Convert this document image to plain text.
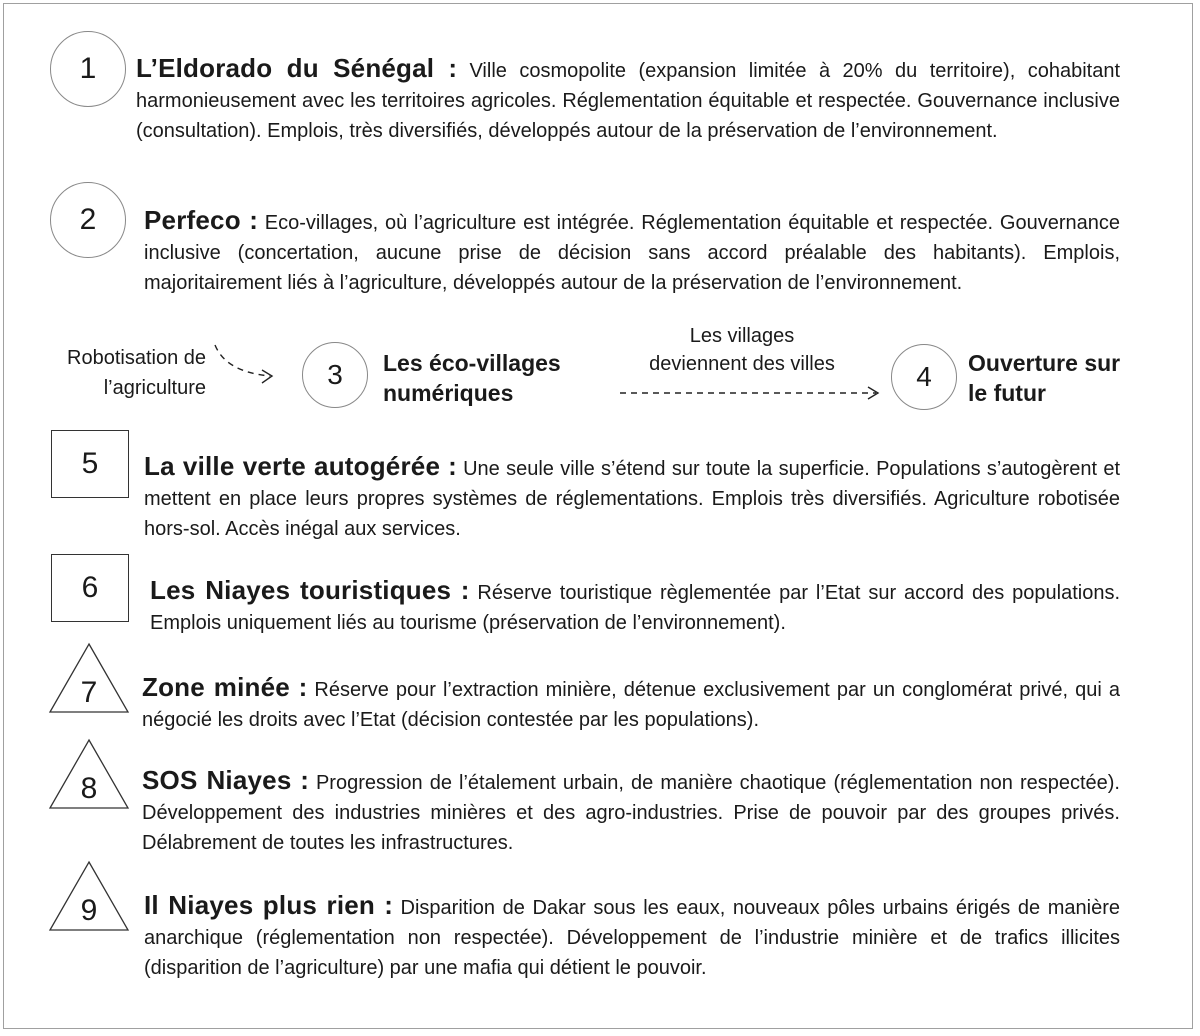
1 L’Eldorado du Sénégal : Ville cosmopolite (expansion limitée à 20% du territoire), cohabitant harmonieusement avec les territoires agricoles. Réglementation équitable et respectée. Gouvernance inclusive (consultation). Emplois, très diversifiés, développés autour de la préservation de l’environnement.
2 Perfeco : Eco-villages, où l’agriculture est intégrée. Réglementation équitable et respectée. Gouvernance inclusive (concertation, aucune prise de décision sans accord préalable des habitants). Emplois, majoritairement liés à l’agriculture, développés autour de la préservation de l’environnement.
Robotisation de
l’agriculture	3 Les éco-villages
numériques
Les villages
deviennent des villes	4 Ouverture sur
le futur
5 La ville verte autogérée : Une seule ville s’étend sur toute la superficie. Populations s’autogèrent et mettent en place leurs propres systèmes de réglementations. Emplois très diversifiés. Agriculture robotisée hors-sol. Accès inégal aux services.
6 Les Niayes touristiques : Réserve touristique règlementée par l’Etat sur accord des populations. Emplois uniquement liés au tourisme (préservation de l’environnement).
7	Zone minée : Réserve pour l’extraction minière, détenue exclusivement par un conglomérat privé, qui a négocié les droits avec l’Etat (décision contestée par les populations).
8	SOS Niayes : Progression de l’étalement urbain, de manière chaotique (réglementation non respectée). Développement des industries minières et des agro-industries. Prise de pouvoir par des groupes privés. Délabrement de toutes les infrastructures.
9	Il Niayes plus rien : Disparition de Dakar sous les eaux, nouveaux pôles urbains érigés de manière anarchique (réglementation non respectée). Développement de l’industrie minière et de trafics illicites (disparition de l’agriculture) par une mafia qui détient le pouvoir.
